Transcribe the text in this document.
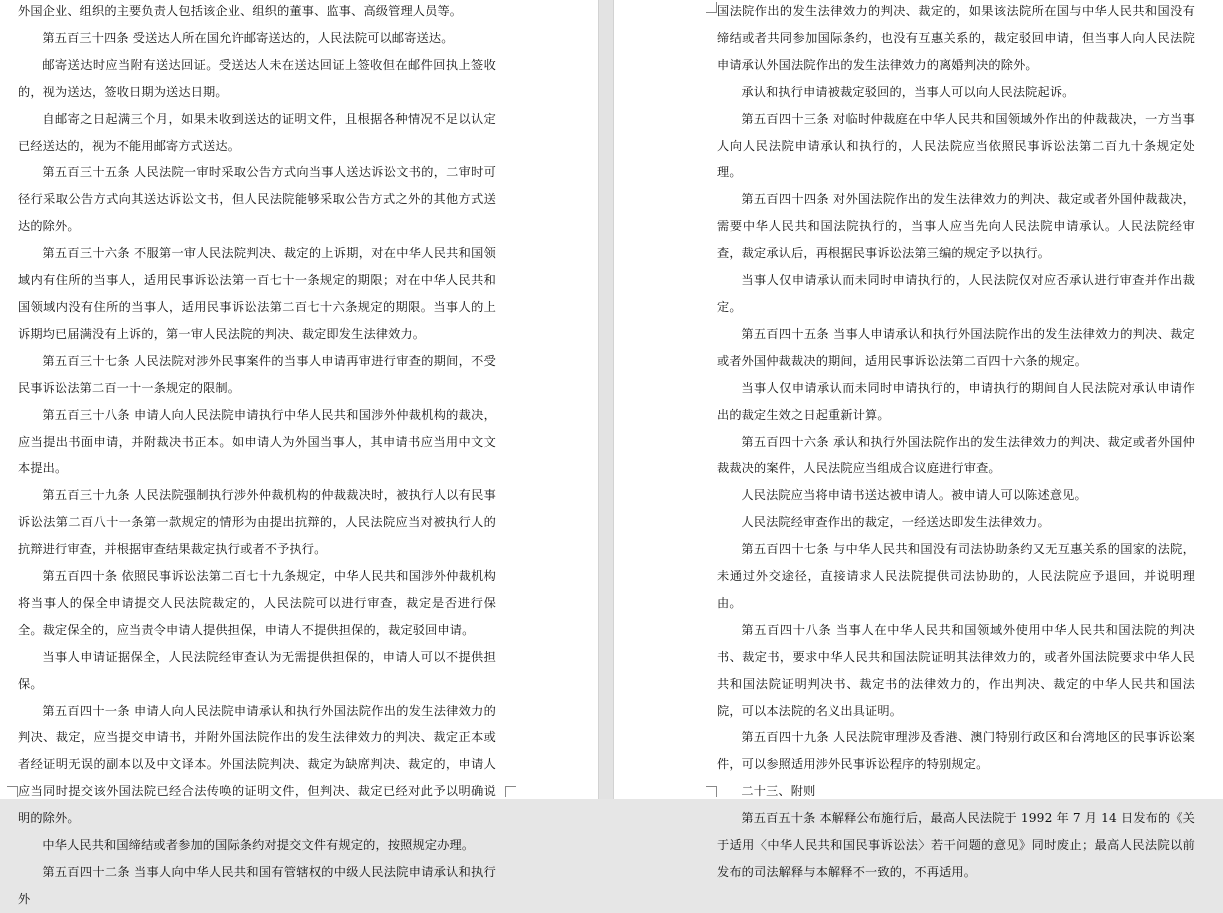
外国企业、组织的主要负责人包括该企业、组织的董事、监事、高级管理人员等。

第五百三十四条 受送达人所在国允许邮寄送达的，人民法院可以邮寄送达。

邮寄送达时应当附有送达回证。受送达人未在送达回证上签收但在邮件回执上签收的，视为送达，签收日期为送达日期。

自邮寄之日起满三个月，如果未收到送达的证明文件，且根据各种情况不足以认定已经送达的，视为不能用邮寄方式送达。

第五百三十五条 人民法院一审时采取公告方式向当事人送达诉讼文书的，二审时可径行采取公告方式向其送达诉讼文书，但人民法院能够采取公告方式之外的其他方式送达的除外。

第五百三十六条 不服第一审人民法院判决、裁定的上诉期，对在中华人民共和国领域内有住所的当事人，适用民事诉讼法第一百七十一条规定的期限；对在中华人民共和国领域内没有住所的当事人，适用民事诉讼法第二百七十六条规定的期限。当事人的上诉期均已届满没有上诉的，第一审人民法院的判决、裁定即发生法律效力。

第五百三十七条 人民法院对涉外民事案件的当事人申请再审进行审查的期间，不受民事诉讼法第二百一十一条规定的限制。

第五百三十八条 申请人向人民法院申请执行中华人民共和国涉外仲裁机构的裁决，应当提出书面申请，并附裁决书正本。如申请人为外国当事人，其申请书应当用中文文本提出。

第五百三十九条 人民法院强制执行涉外仲裁机构的仲裁裁决时，被执行人以有民事诉讼法第二百八十一条第一款规定的情形为由提出抗辩的，人民法院应当对被执行人的抗辩进行审查，并根据审查结果裁定执行或者不予执行。

第五百四十条 依照民事诉讼法第二百七十九条规定，中华人民共和国涉外仲裁机构将当事人的保全申请提交人民法院裁定的，人民法院可以进行审查，裁定是否进行保全。裁定保全的，应当责令申请人提供担保，申请人不提供担保的，裁定驳回申请。

当事人申请证据保全，人民法院经审查认为无需提供担保的，申请人可以不提供担保。

第五百四十一条 申请人向人民法院申请承认和执行外国法院作出的发生法律效力的判决、裁定，应当提交申请书，并附外国法院作出的发生法律效力的判决、裁定正本或者经证明无误的副本以及中文译本。外国法院判决、裁定为缺席判决、裁定的，申请人应当同时提交该外国法院已经合法传唤的证明文件，但判决、裁定已经对此予以明确说明的除外。

中华人民共和国缔结或者参加的国际条约对提交文件有规定的，按照规定办理。

第五百四十二条 当事人向中华人民共和国有管辖权的中级人民法院申请承认和执行外

国法院作出的发生法律效力的判决、裁定的，如果该法院所在国与中华人民共和国没有缔结或者共同参加国际条约，也没有互惠关系的，裁定驳回申请，但当事人向人民法院申请承认外国法院作出的发生法律效力的离婚判决的除外。

承认和执行申请被裁定驳回的，当事人可以向人民法院起诉。

第五百四十三条 对临时仲裁庭在中华人民共和国领域外作出的仲裁裁决，一方当事人向人民法院申请承认和执行的，人民法院应当依照民事诉讼法第二百九十条规定处理。

第五百四十四条 对外国法院作出的发生法律效力的判决、裁定或者外国仲裁裁决，需要中华人民共和国法院执行的，当事人应当先向人民法院申请承认。人民法院经审查，裁定承认后，再根据民事诉讼法第三编的规定予以执行。

当事人仅申请承认而未同时申请执行的，人民法院仅对应否承认进行审查并作出裁定。

第五百四十五条 当事人申请承认和执行外国法院作出的发生法律效力的判决、裁定或者外国仲裁裁决的期间，适用民事诉讼法第二百四十六条的规定。

当事人仅申请承认而未同时申请执行的，申请执行的期间自人民法院对承认申请作出的裁定生效之日起重新计算。

第五百四十六条 承认和执行外国法院作出的发生法律效力的判决、裁定或者外国仲裁裁决的案件，人民法院应当组成合议庭进行审查。

人民法院应当将申请书送达被申请人。被申请人可以陈述意见。

人民法院经审查作出的裁定，一经送达即发生法律效力。

第五百四十七条 与中华人民共和国没有司法协助条约又无互惠关系的国家的法院，未通过外交途径，直接请求人民法院提供司法协助的，人民法院应予退回，并说明理由。

第五百四十八条 当事人在中华人民共和国领域外使用中华人民共和国法院的判决书、裁定书，要求中华人民共和国法院证明其法律效力的，或者外国法院要求中华人民共和国法院证明判决书、裁定书的法律效力的，作出判决、裁定的中华人民共和国法院，可以本法院的名义出具证明。

第五百四十九条 人民法院审理涉及香港、澳门特别行政区和台湾地区的民事诉讼案件，可以参照适用涉外民事诉讼程序的特别规定。

二十三、附则

第五百五十条 本解释公布施行后，最高人民法院于 1992 年 7 月 14 日发布的《关于适用〈中华人民共和国民事诉讼法〉若干问题的意见》同时废止；最高人民法院以前发布的司法解释与本解释不一致的，不再适用。
